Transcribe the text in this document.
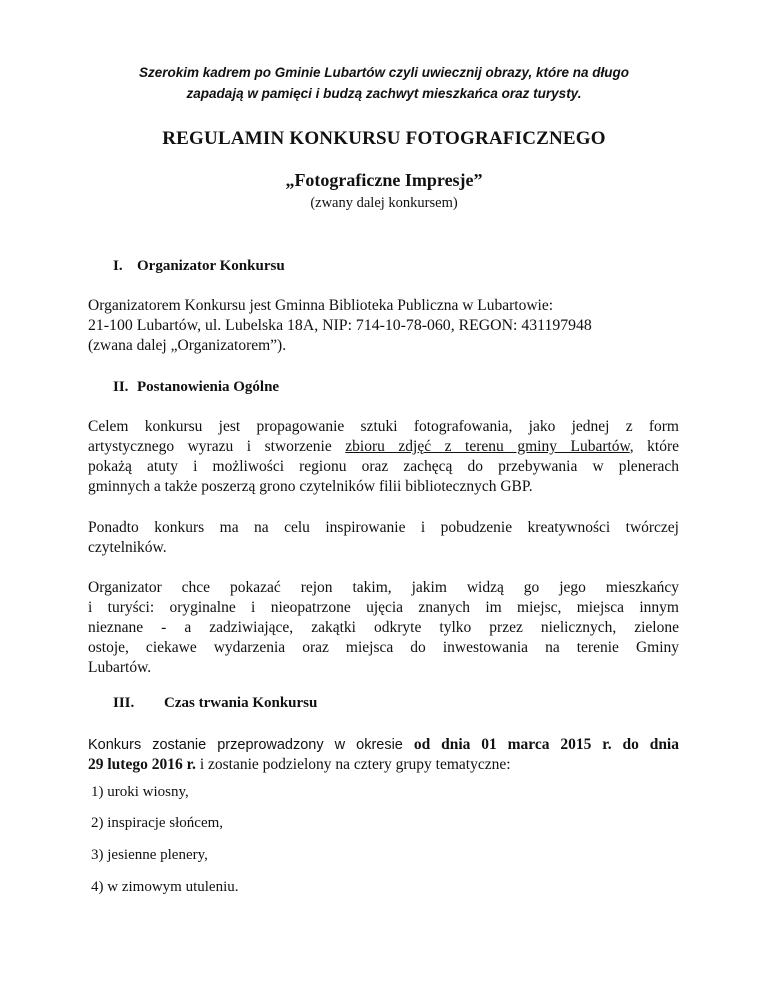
Szerokim kadrem po Gminie Lubartów czyli uwiecznij obrazy, które na długo
zapadają w pamięci i budzą zachwyt mieszkańca oraz turysty.
REGULAMIN KONKURSU FOTOGRAFICZNEGO
„Fotograficzne Impresje”
(zwany dalej konkursem)
I. Organizator Konkursu
Organizatorem Konkursu jest Gminna Biblioteka Publiczna w Lubartowie:
21-100 Lubartów, ul. Lubelska 18A, NIP: 714-10-78-060, REGON: 431197948
(zwana dalej „Organizatorem”).
II. Postanowienia Ogólne
Celem konkursu jest propagowanie sztuki fotografowania, jako jednej z form
artystycznego wyrazu i stworzenie zbioru zdjęć z terenu gminy Lubartów, które
pokażą atuty i możliwości regionu oraz zachęcą do przebywania w plenerach
gminnych a także poszerzą grono czytelników filii bibliotecznych GBP.
Ponadto konkurs ma na celu inspirowanie i pobudzenie kreatywności twórczej
czytelników.
Organizator chce pokazać rejon takim, jakim widzą go jego mieszkańcy
i turyści: oryginalne i nieopatrzone ujęcia znanych im miejsc, miejsca innym
nieznane - a zadziwiające, zakątki odkryte tylko przez nielicznych, zielone
ostoje, ciekawe wydarzenia oraz miejsca do inwestowania na terenie Gminy
Lubartów.
III. Czas trwania Konkursu
Konkurs zostanie przeprowadzony w okresie od dnia 01 marca 2015 r. do dnia
29 lutego 2016 r. i zostanie podzielony na cztery grupy tematyczne:
1) uroki wiosny,
2) inspiracje słońcem,
3) jesienne plenery,
4) w zimowym utuleniu.
